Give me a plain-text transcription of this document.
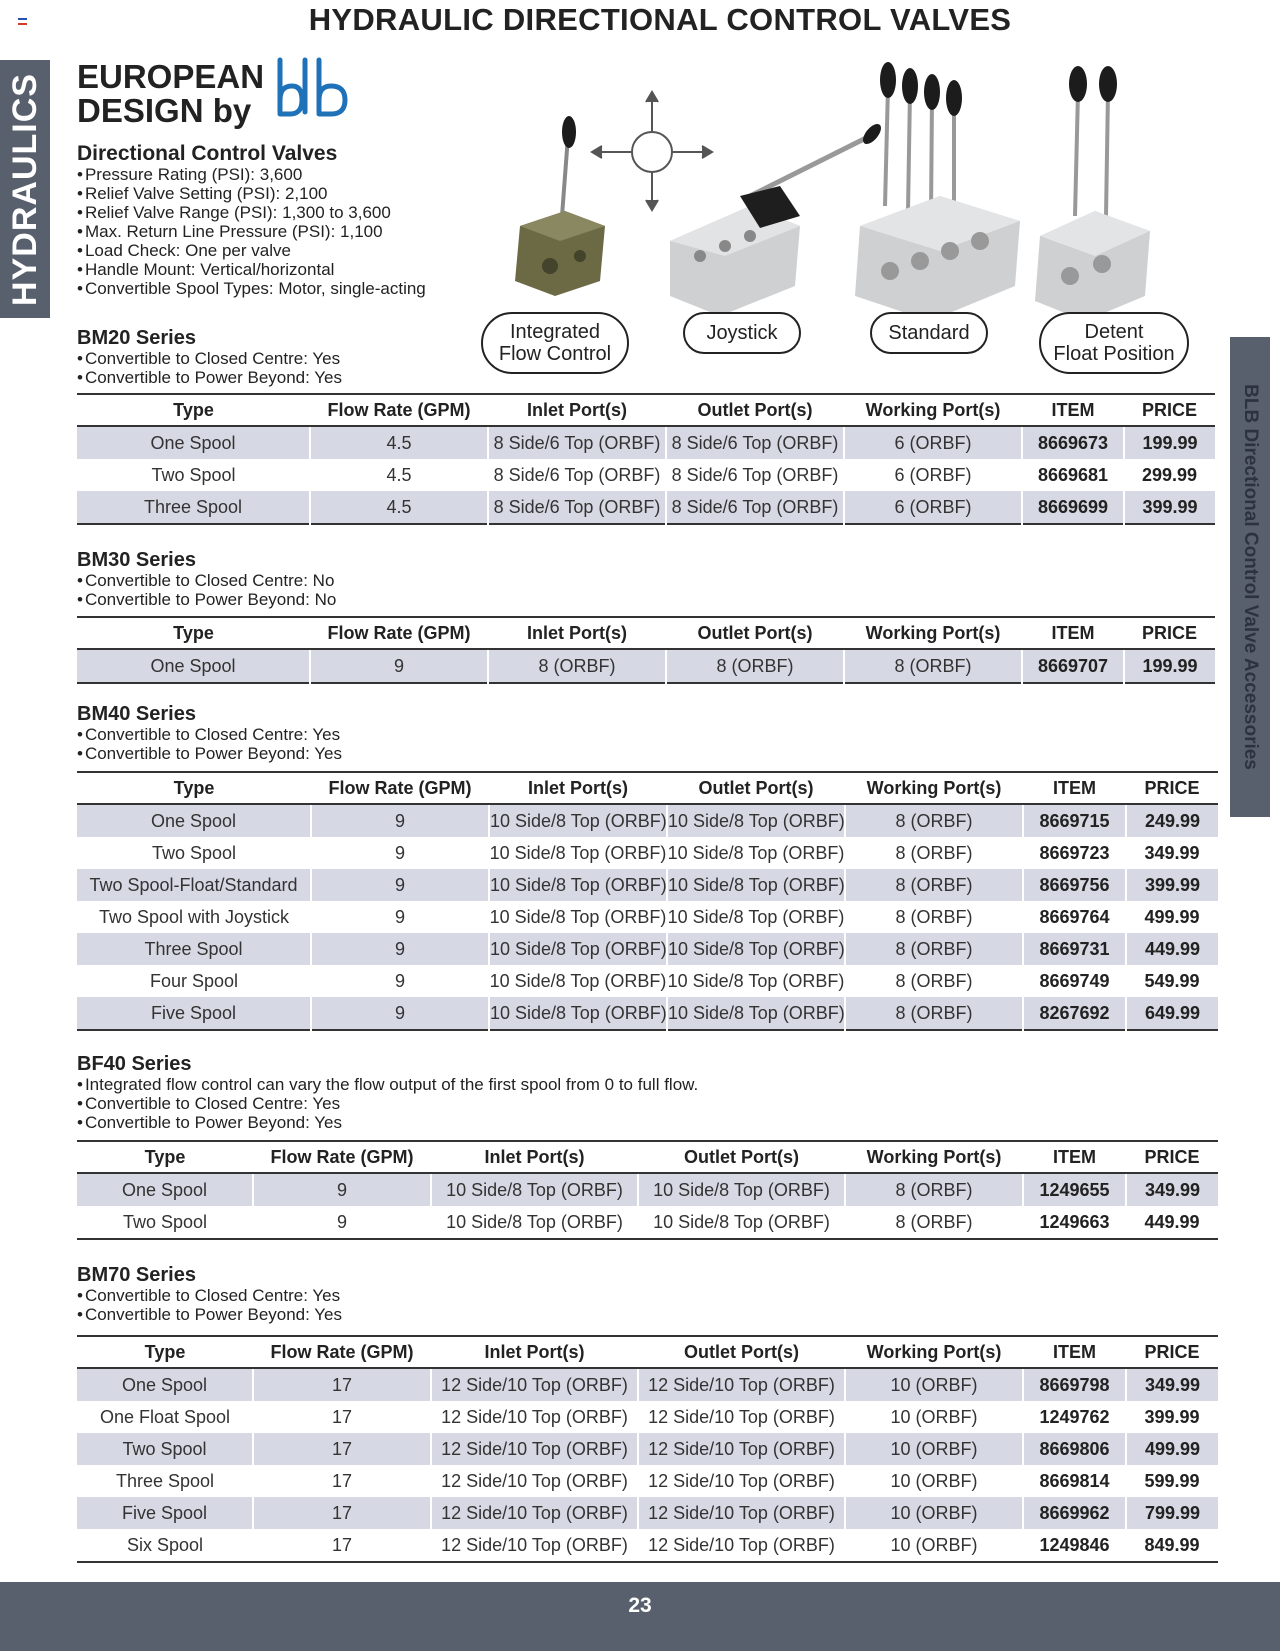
HYDRAULIC DIRECTIONAL CONTROL VALVES
HYDRAULICS
BLB Directional Control Valve Accessories
EUROPEAN
DESIGN by
Directional Control Valves
• Pressure Rating (PSI): 3,600
• Relief Valve Setting (PSI): 2,100
• Relief Valve Range (PSI): 1,300 to 3,600
• Max. Return Line Pressure (PSI): 1,100
• Load Check: One per valve
• Handle Mount: Vertical/horizontal
• Convertible Spool Types: Motor, single-acting
Integrated
Flow Control
Joystick	Standard	Detent
Float Position
BM20 Series
• Convertible to Closed Centre: Yes
• Convertible to Power Beyond: Yes
Type	Flow Rate (GPM)	Inlet Port(s)	Outlet Port(s)	Working Port(s)	ITEM	PRICE
One Spool	4.5	8 Side/6 Top (ORBF)	8 Side/6 Top (ORBF)	6 (ORBF)	8669673	199.99
Two Spool	4.5	8 Side/6 Top (ORBF)	8 Side/6 Top (ORBF)	6 (ORBF)	8669681	299.99
Three Spool	4.5	8 Side/6 Top (ORBF)	8 Side/6 Top (ORBF)	6 (ORBF)	8669699	399.99
BM30 Series
• Convertible to Closed Centre: No
• Convertible to Power Beyond: No
Type	Flow Rate (GPM)	Inlet Port(s)	Outlet Port(s)	Working Port(s)	ITEM	PRICE
One Spool	9	8 (ORBF)	8 (ORBF)	8 (ORBF)	8669707	199.99
BM40 Series
• Convertible to Closed Centre: Yes
• Convertible to Power Beyond: Yes
Type	Flow Rate (GPM)	Inlet Port(s)	Outlet Port(s)	Working Port(s)	ITEM	PRICE
One Spool	9	10 Side/8 Top (ORBF)	10 Side/8 Top (ORBF)	8 (ORBF)	8669715	249.99
Two Spool	9	10 Side/8 Top (ORBF)	10 Side/8 Top (ORBF)	8 (ORBF)	8669723	349.99
Two Spool-Float/Standard	9	10 Side/8 Top (ORBF)	10 Side/8 Top (ORBF)	8 (ORBF)	8669756	399.99
Two Spool with Joystick	9	10 Side/8 Top (ORBF)	10 Side/8 Top (ORBF)	8 (ORBF)	8669764	499.99
Three Spool	9	10 Side/8 Top (ORBF)	10 Side/8 Top (ORBF)	8 (ORBF)	8669731	449.99
Four Spool	9	10 Side/8 Top (ORBF)	10 Side/8 Top (ORBF)	8 (ORBF)	8669749	549.99
Five Spool	9	10 Side/8 Top (ORBF)	10 Side/8 Top (ORBF)	8 (ORBF)	8267692	649.99
BF40 Series
• Integrated flow control can vary the flow output of the first spool from 0 to full flow.
• Convertible to Closed Centre: Yes
• Convertible to Power Beyond: Yes
Type	Flow Rate (GPM)	Inlet Port(s)	Outlet Port(s)	Working Port(s)	ITEM	PRICE
One Spool	9	10 Side/8 Top (ORBF)	10 Side/8 Top (ORBF)	8 (ORBF)	1249655	349.99
Two Spool	9	10 Side/8 Top (ORBF)	10 Side/8 Top (ORBF)	8 (ORBF)	1249663	449.99
BM70 Series
• Convertible to Closed Centre: Yes
• Convertible to Power Beyond: Yes
Type	Flow Rate (GPM)	Inlet Port(s)	Outlet Port(s)	Working Port(s)	ITEM	PRICE
One Spool	17	12 Side/10 Top (ORBF)	12 Side/10 Top (ORBF)	10 (ORBF)	8669798	349.99
One Float Spool	17	12 Side/10 Top (ORBF)	12 Side/10 Top (ORBF)	10 (ORBF)	1249762	399.99
Two Spool	17	12 Side/10 Top (ORBF)	12 Side/10 Top (ORBF)	10 (ORBF)	8669806	499.99
Three Spool	17	12 Side/10 Top (ORBF)	12 Side/10 Top (ORBF)	10 (ORBF)	8669814	599.99
Five Spool	17	12 Side/10 Top (ORBF)	12 Side/10 Top (ORBF)	10 (ORBF)	8669962	799.99
Six Spool	17	12 Side/10 Top (ORBF)	12 Side/10 Top (ORBF)	10 (ORBF)	1249846	849.99
23
